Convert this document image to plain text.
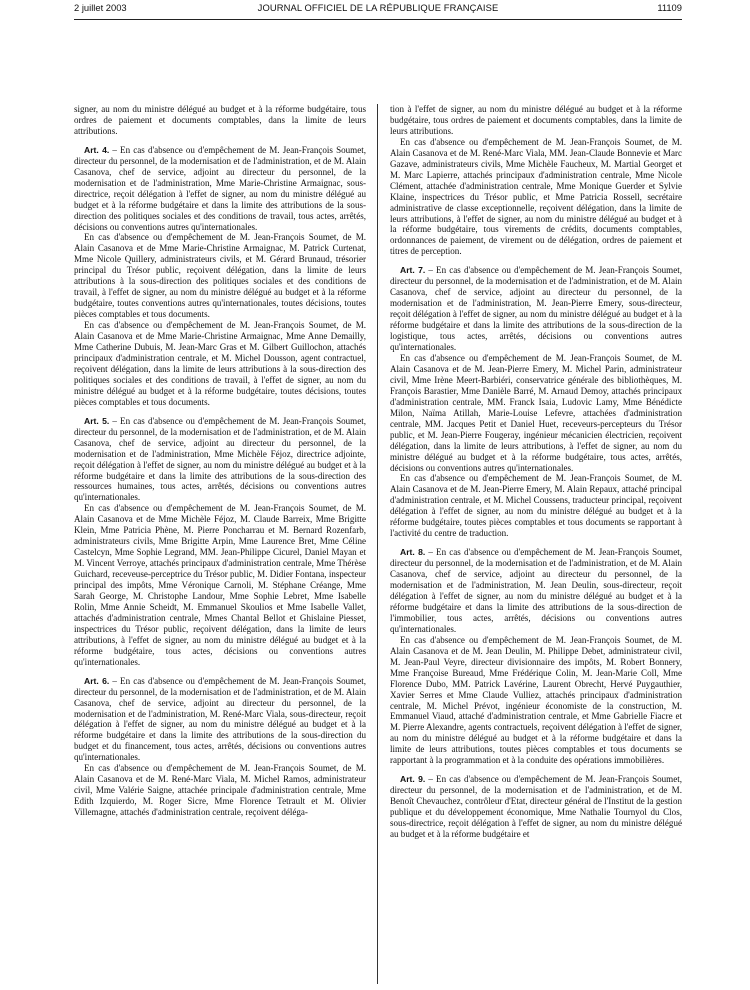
2 juillet 2003	JOURNAL OFFICIEL DE LA RÉPUBLIQUE FRANÇAISE	11109

signer, au nom du ministre délégué au budget et à la réforme budgétaire, tous ordres de paiement et documents comptables, dans la limite de leurs attributions.

Art. 4. – En cas d'absence ou d'empêchement de M. Jean-François Soumet, directeur du personnel, de la modernisation et de l'administration, et de M. Alain Casanova, chef de service, adjoint au directeur du personnel, de la modernisation et de l'administration, Mme Marie-Christine Armaignac, sous-directrice, reçoit délégation à l'effet de signer, au nom du ministre délégué au budget et à la réforme budgétaire et dans la limite des attributions de la sous-direction des politiques sociales et des conditions de travail, tous actes, arrêtés, décisions ou conventions autres qu'internationales.

En cas d'absence ou d'empêchement de M. Jean-François Soumet, de M. Alain Casanova et de Mme Marie-Christine Armaignac, M. Patrick Curtenat, Mme Nicole Quillery, administrateurs civils, et M. Gérard Brunaud, trésorier principal du Trésor public, reçoivent délégation, dans la limite de leurs attributions à la sous-direction des politiques sociales et des conditions de travail, à l'effet de signer, au nom du ministre délégué au budget et à la réforme budgétaire, toutes conventions autres qu'internationales, toutes décisions, toutes pièces comptables et tous documents.

En cas d'absence ou d'empêchement de M. Jean-François Soumet, de M. Alain Casanova et de Mme Marie-Christine Armaignac, Mme Anne Demailly, Mme Catherine Dubuis, M. Jean-Marc Gras et M. Gilbert Guillochon, attachés principaux d'administration centrale, et M. Michel Dousson, agent contractuel, reçoivent délégation, dans la limite de leurs attributions à la sous-direction des politiques sociales et des conditions de travail, à l'effet de signer, au nom du ministre délégué au budget et à la réforme budgétaire, toutes décisions, toutes pièces comptables et tous documents.

Art. 5. – En cas d'absence ou d'empêchement de M. Jean-François Soumet, directeur du personnel, de la modernisation et de l'administration, et de M. Alain Casanova, chef de service, adjoint au directeur du personnel, de la modernisation et de l'administration, Mme Michèle Féjoz, directrice adjointe, reçoit délégation à l'effet de signer, au nom du ministre délégué au budget et à la réforme budgétaire et dans la limite des attributions de la sous-direction des ressources humaines, tous actes, arrêtés, décisions ou conventions autres qu'internationales.

En cas d'absence ou d'empêchement de M. Jean-François Soumet, de M. Alain Casanova et de Mme Michèle Féjoz, M. Claude Barreix, Mme Brigitte Klein, Mme Patricia Phène, M. Pierre Poncharrau et M. Bernard Rozenfarb, administrateurs civils, Mme Brigitte Arpin, Mme Laurence Bret, Mme Céline Castelcyn, Mme Sophie Legrand, MM. Jean-Philippe Cicurel, Daniel Mayan et M. Vincent Verroye, attachés principaux d'administration centrale, Mme Thérèse Guichard, receveuse-perceptrice du Trésor public, M. Didier Fontana, inspecteur principal des impôts, Mme Véronique Carnoli, M. Stéphane Créange, Mme Sarah George, M. Christophe Landour, Mme Sophie Lebret, Mme Isabelle Rolin, Mme Annie Scheidt, M. Emmanuel Skoulios et Mme Isabelle Vallet, attachés d'administration centrale, Mmes Chantal Bellot et Ghislaine Piesset, inspectrices du Trésor public, reçoivent délégation, dans la limite de leurs attributions, à l'effet de signer, au nom du ministre délégué au budget et à la réforme budgétaire, tous actes, décisions ou conventions autres qu'internationales.

Art. 6. – En cas d'absence ou d'empêchement de M. Jean-François Soumet, directeur du personnel, de la modernisation et de l'administration, et de M. Alain Casanova, chef de service, adjoint au directeur du personnel, de la modernisation et de l'administration, M. René-Marc Viala, sous-directeur, reçoit délégation à l'effet de signer, au nom du ministre délégué au budget et à la réforme budgétaire et dans la limite des attributions de la sous-direction du budget et du financement, tous actes, arrêtés, décisions ou conventions autres qu'internationales.

En cas d'absence ou d'empêchement de M. Jean-François Soumet, de M. Alain Casanova et de M. René-Marc Viala, M. Michel Ramos, administrateur civil, Mme Valérie Saigne, attachée principale d'administration centrale, Mme Edith Izquierdo, M. Roger Sicre, Mme Florence Tetrault et M. Olivier Villemagne, attachés d'administration centrale, reçoivent déléga-

tion à l'effet de signer, au nom du ministre délégué au budget et à la réforme budgétaire, tous ordres de paiement et documents comptables, dans la limite de leurs attributions.

En cas d'absence ou d'empêchement de M. Jean-François Soumet, de M. Alain Casanova et de M. René-Marc Viala, MM. Jean-Claude Bonnevie et Marc Gazave, administrateurs civils, Mme Michèle Faucheux, M. Martial Georget et M. Marc Lapierre, attachés principaux d'administration centrale, Mme Nicole Clément, attachée d'administration centrale, Mme Monique Guerder et Sylvie Klaine, inspectrices du Trésor public, et Mme Patricia Rossell, secrétaire administrative de classe exceptionnelle, reçoivent délégation, dans la limite de leurs attributions, à l'effet de signer, au nom du ministre délégué au budget et à la réforme budgétaire, tous virements de crédits, documents comptables, ordonnances de paiement, de virement ou de délégation, ordres de paiement et titres de perception.

Art. 7. – En cas d'absence ou d'empêchement de M. Jean-François Soumet, directeur du personnel, de la modernisation et de l'administration, et de M. Alain Casanova, chef de service, adjoint au directeur du personnel, de la modernisation et de l'administration, M. Jean-Pierre Emery, sous-directeur, reçoit délégation à l'effet de signer, au nom du ministre délégué au budget et à la réforme budgétaire et dans la limite des attributions de la sous-direction de la logistique, tous actes, arrêtés, décisions ou conventions autres qu'internationales.

En cas d'absence ou d'empêchement de M. Jean-François Soumet, de M. Alain Casanova et de M. Jean-Pierre Emery, M. Michel Parin, administrateur civil, Mme Irène Meert-Barbiéri, conservatrice générale des bibliothèques, M. François Barastier, Mme Danièle Barré, M. Arnaud Demoy, attachés principaux d'administration centrale, MM. Franck Isaia, Ludovic Lamy, Mme Bénédicte Milon, Naïma Atillah, Marie-Louise Lefevre, attachées d'administration centrale, MM. Jacques Petit et Daniel Huet, receveurs-percepteurs du Trésor public, et M. Jean-Pierre Fougeray, ingénieur mécanicien électricien, reçoivent délégation, dans la limite de leurs attributions, à l'effet de signer, au nom du ministre délégué au budget et à la réforme budgétaire, tous actes, arrêtés, décisions ou conventions autres qu'internationales.

En cas d'absence ou d'empêchement de M. Jean-François Soumet, de M. Alain Casanova et de M. Jean-Pierre Emery, M. Alain Repaux, attaché principal d'administration centrale, et M. Michel Coussens, traducteur principal, reçoivent délégation à l'effet de signer, au nom du ministre délégué au budget et à la réforme budgétaire, toutes pièces comptables et tous documents se rapportant à l'activité du centre de traduction.

Art. 8. – En cas d'absence ou d'empêchement de M. Jean-François Soumet, directeur du personnel, de la modernisation et de l'administration, et de M. Alain Casanova, chef de service, adjoint au directeur du personnel, de la modernisation et de l'administration, M. Jean Deulin, sous-directeur, reçoit délégation à l'effet de signer, au nom du ministre délégué au budget et à la réforme budgétaire et dans la limite des attributions de la sous-direction de l'immobilier, tous actes, arrêtés, décisions ou conventions autres qu'internationales.

En cas d'absence ou d'empêchement de M. Jean-François Soumet, de M. Alain Casanova et de M. Jean Deulin, M. Philippe Debet, administrateur civil, M. Jean-Paul Veyre, directeur divisionnaire des impôts, M. Robert Bonnery, Mme Françoise Bureaud, Mme Frédérique Colin, M. Jean-Marie Coll, Mme Florence Dubo, MM. Patrick Lavérine, Laurent Obrecht, Hervé Puygauthier, Xavier Serres et Mme Claude Vulliez, attachés principaux d'administration centrale, M. Michel Prévot, ingénieur économiste de la construction, M. Emmanuel Viaud, attaché d'administration centrale, et Mme Gabrielle Fiacre et M. Pierre Alexandre, agents contractuels, reçoivent délégation à l'effet de signer, au nom du ministre délégué au budget et à la réforme budgétaire et dans la limite de leurs attributions, toutes pièces comptables et tous documents se rapportant à la programmation et à la conduite des opérations immobilières.

Art. 9. – En cas d'absence ou d'empêchement de M. Jean-François Soumet, directeur du personnel, de la modernisation et de l'administration, et de M. Benoît Chevauchez, contrôleur d'Etat, directeur général de l'Institut de la gestion publique et du développement économique, Mme Nathalie Tournyol du Clos, sous-directrice, reçoit délégation à l'effet de signer, au nom du ministre délégué au budget et à la réforme budgétaire et
